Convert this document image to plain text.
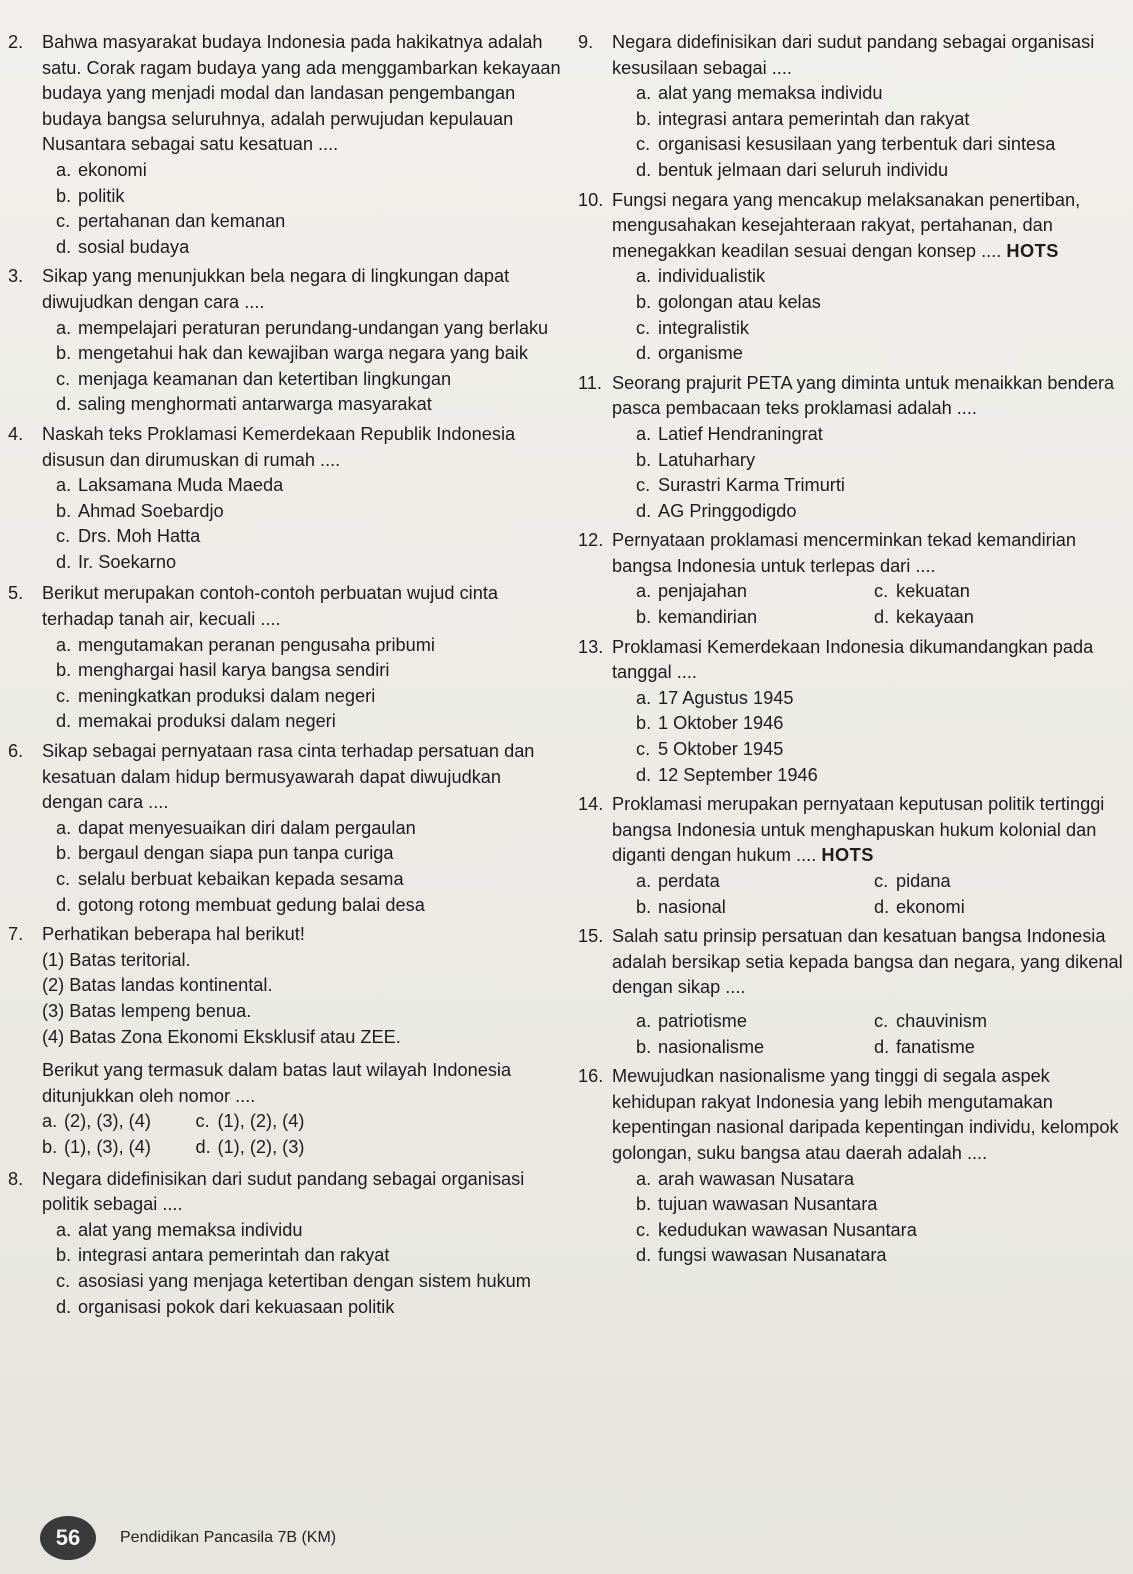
2.	Bahwa masyarakat budaya Indonesia pada hakikatnya adalah satu. Corak ragam budaya yang ada menggambarkan kekayaan budaya yang menjadi modal dan landasan pengembangan budaya bangsa seluruhnya, adalah perwujudan kepulauan Nusantara sebagai satu kesatuan ....
a. ekonomi
b. politik
c. pertahanan dan kemanan
d. sosial budaya
3.	Sikap yang menunjukkan bela negara di lingkungan dapat diwujudkan dengan cara ....
a. mempelajari peraturan perundang-undangan yang berlaku
b. mengetahui hak dan kewajiban warga negara yang baik
c. menjaga keamanan dan ketertiban lingkungan
d. saling menghormati antarwarga masyarakat
4.	Naskah teks Proklamasi Kemerdekaan Republik Indonesia disusun dan dirumuskan di rumah ....
a. Laksamana Muda Maeda
b. Ahmad Soebardjo
c. Drs. Moh Hatta
d. Ir. Soekarno
5.	Berikut merupakan contoh-contoh perbuatan wujud cinta terhadap tanah air, kecuali ....
a. mengutamakan peranan pengusaha pribumi
b. menghargai hasil karya bangsa sendiri
c. meningkatkan produksi dalam negeri
d. memakai produksi dalam negeri
6.	Sikap sebagai pernyataan rasa cinta terhadap persatuan dan kesatuan dalam hidup bermusyawarah dapat diwujudkan dengan cara ....
a. dapat menyesuaikan diri dalam pergaulan
b. bergaul dengan siapa pun tanpa curiga
c. selalu berbuat kebaikan kepada sesama
d. gotong rotong membuat gedung balai desa
7.	Perhatikan beberapa hal berikut!
(1) Batas teritorial.
(2) Batas landas kontinental.
(3) Batas lempeng benua.
(4) Batas Zona Ekonomi Eksklusif atau ZEE.
Berikut yang termasuk dalam batas laut wilayah Indonesia ditunjukkan oleh nomor ....
a. (2), (3), (4)	c. (1), (2), (4)
b. (1), (3), (4)	d. (1), (2), (3)
8.	Negara didefinisikan dari sudut pandang sebagai organisasi politik sebagai ....
a. alat yang memaksa individu
b. integrasi antara pemerintah dan rakyat
c. asosiasi yang menjaga ketertiban dengan sistem hukum
d. organisasi pokok dari kekuasaan politik
9.	Negara didefinisikan dari sudut pandang sebagai organisasi kesusilaan sebagai ....
a. alat yang memaksa individu
b. integrasi antara pemerintah dan rakyat
c. organisasi kesusilaan yang terbentuk dari sintesa
d. bentuk jelmaan dari seluruh individu
10. Fungsi negara yang mencakup melaksanakan penertiban, mengusahakan kesejahteraan rakyat, pertahanan, dan menegakkan keadilan sesuai dengan konsep .... HOTS
a. individualistik
b. golongan atau kelas
c. integralistik
d. organisme
11. Seorang prajurit PETA yang diminta untuk menaikkan bendera pasca pembacaan teks proklamasi adalah ....
a. Latief Hendraningrat
b. Latuharhary
c. Surastri Karma Trimurti
d. AG Pringgodigdo
12. Pernyataan proklamasi mencerminkan tekad kemandirian bangsa Indonesia untuk terlepas dari ....
a. penjajahan	c. kekuatan
b. kemandirian	d. kekayaan
13. Proklamasi Kemerdekaan Indonesia dikumandangkan pada tanggal ....
a. 17 Agustus 1945
b. 1 Oktober 1946
c. 5 Oktober 1945
d. 12 September 1946
14. Proklamasi merupakan pernyataan keputusan politik tertinggi bangsa Indonesia untuk menghapuskan hukum kolonial dan diganti dengan hukum .... HOTS
a. perdata	c. pidana
b. nasional	d. ekonomi
15. Salah satu prinsip persatuan dan kesatuan bangsa Indonesia adalah bersikap setia kepada bangsa dan negara, yang dikenal dengan sikap ....
a. patriotisme	c. chauvinism
b. nasionalisme	d. fanatisme
16. Mewujudkan nasionalisme yang tinggi di segala aspek kehidupan rakyat Indonesia yang lebih mengutamakan kepentingan nasional daripada kepentingan individu, kelompok golongan, suku bangsa atau daerah adalah ....
a. arah wawasan Nusatara
b. tujuan wawasan Nusantara
c. kedudukan wawasan Nusantara
d. fungsi wawasan Nusanatara
56	Pendidikan Pancasila 7B (KM)
